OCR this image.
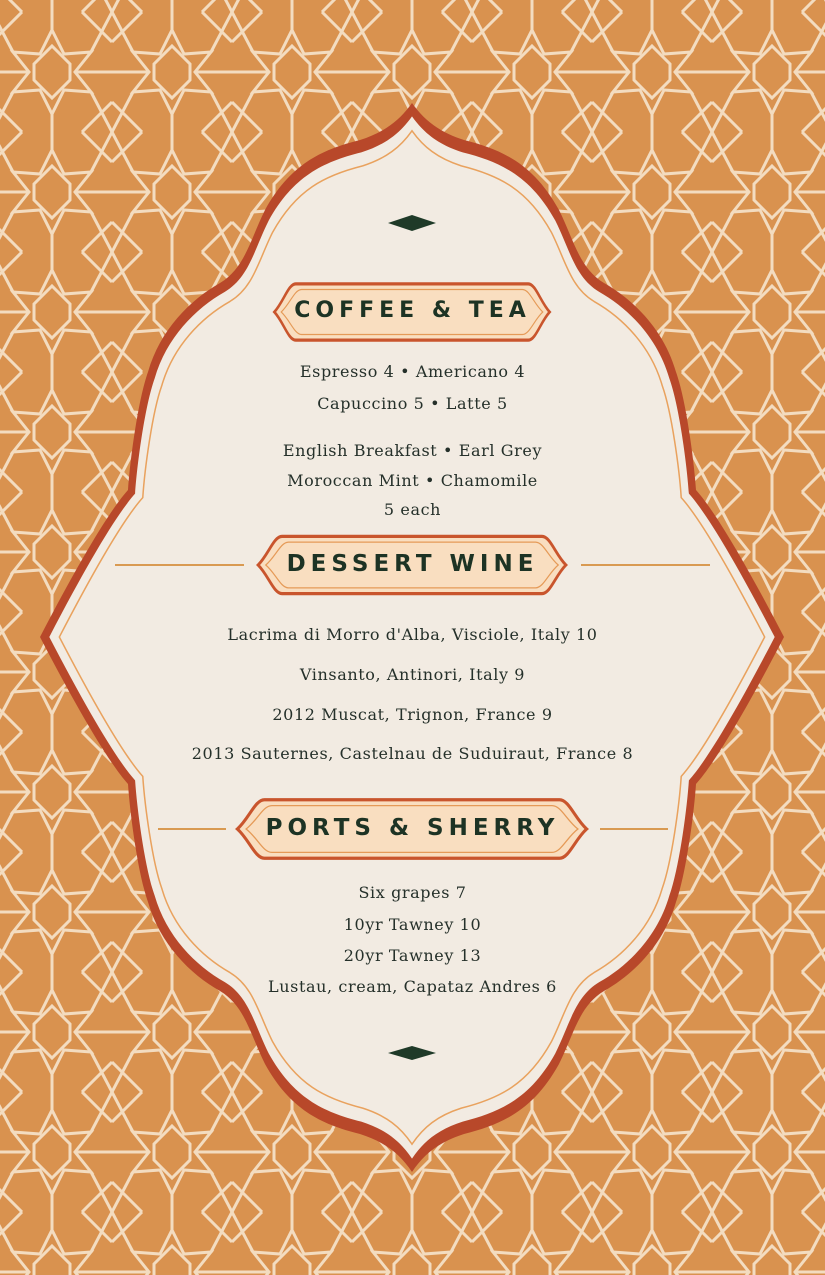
COFFEE & TEA
Espresso 4 • Americano 4
Capuccino 5 • Latte 5
English Breakfast • Earl Grey
Moroccan Mint • Chamomile
5 each
DESSERT WINE
Lacrima di Morro d'Alba, Visciole, Italy 10
Vinsanto, Antinori, Italy 9
2012 Muscat, Trignon, France 9
2013 Sauternes, Castelnau de Suduiraut, France 8
PORTS & SHERRY
Six grapes 7
10yr Tawney 10
20yr Tawney 13
Lustau, cream, Capataz Andres 6
